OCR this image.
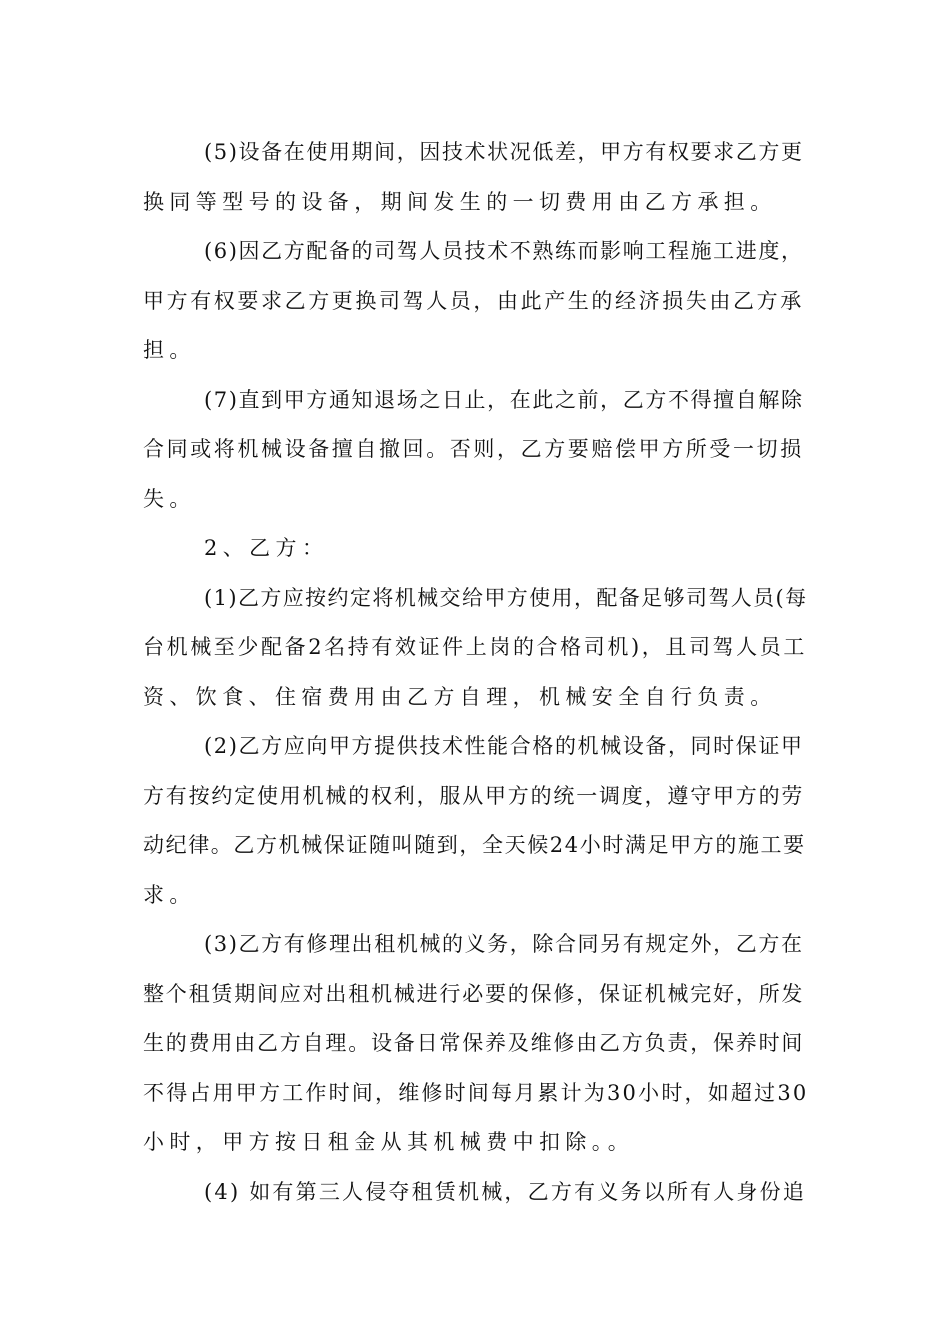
(5)设备在使用期间，因技术状况低差，甲方有权要求乙方更
换同等型号的设备，期间发生的一切费用由乙方承担。
(6)因乙方配备的司驾人员技术不熟练而影响工程施工进度，
甲方有权要求乙方更换司驾人员，由此产生的经济损失由乙方承
担。
(7)直到甲方通知退场之日止，在此之前，乙方不得擅自解除
合同或将机械设备擅自撤回。否则，乙方要赔偿甲方所受一切损
失。
2、乙方：
(1)乙方应按约定将机械交给甲方使用，配备足够司驾人员(每
台机械至少配备2名持有效证件上岗的合格司机)，且司驾人员工
资、饮食、住宿费用由乙方自理，机械安全自行负责。
(2)乙方应向甲方提供技术性能合格的机械设备，同时保证甲
方有按约定使用机械的权利，服从甲方的统一调度，遵守甲方的劳
动纪律。乙方机械保证随叫随到，全天候24小时满足甲方的施工要
求。
(3)乙方有修理出租机械的义务，除合同另有规定外，乙方在
整个租赁期间应对出租机械进行必要的保修，保证机械完好，所发
生的费用由乙方自理。设备日常保养及维修由乙方负责，保养时间
不得占用甲方工作时间，维修时间每月累计为30小时，如超过30
小时，甲方按日租金从其机械费中扣除。。
(4) 如有第三人侵夺租赁机械，乙方有义务以所有人身份追
